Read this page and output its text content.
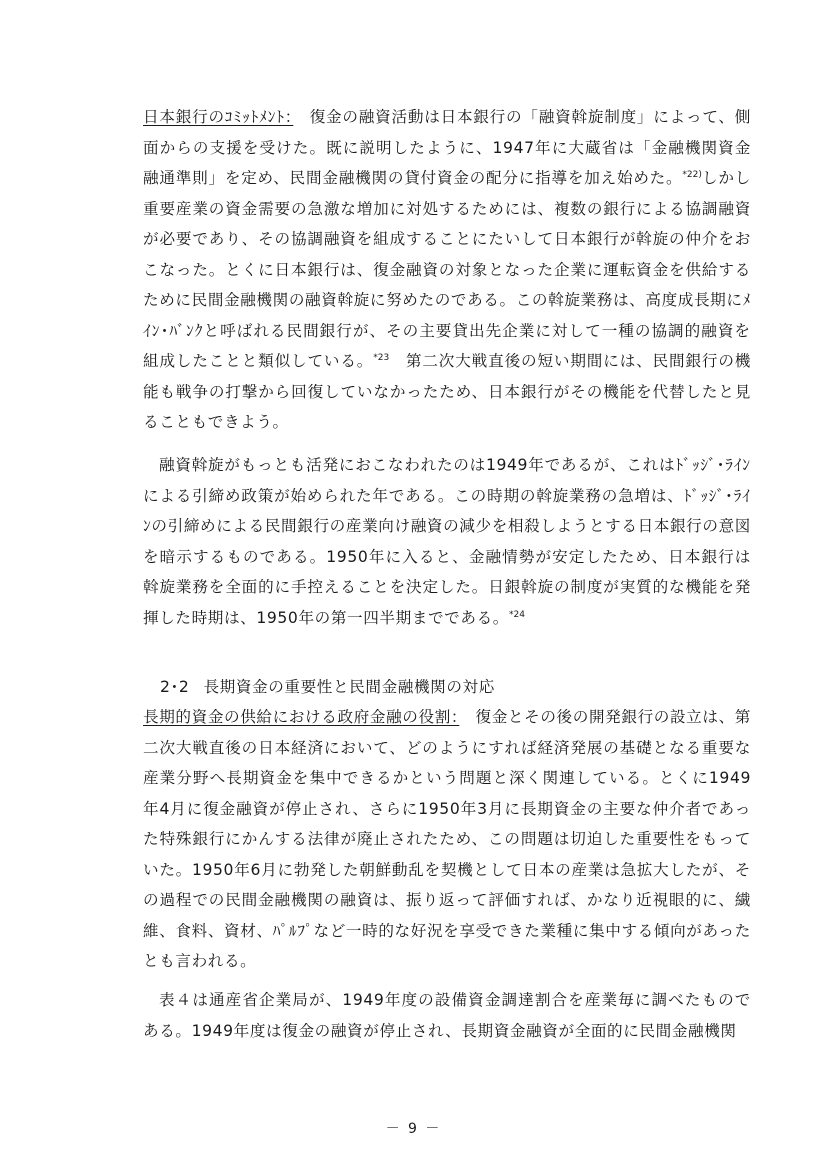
日本銀行のｺﾐｯﾄﾒﾝﾄ：　復金の融資活動は日本銀行の「融資斡旋制度」によって、側面からの支援を受けた。既に説明したように、1947年に大蔵省は「金融機関資金融通準則」を定め、民間金融機関の貸付資金の配分に指導を加え始めた。$^{*22)}$しかし重要産業の資金需要の急激な増加に対処するためには、複数の銀行による協調融資が必要であり、その協調融資を組成することにたいして日本銀行が斡旋の仲介をおこなった。とくに日本銀行は、復金融資の対象となった企業に運転資金を供給するために民間金融機関の融資斡旋に努めたのである。この斡旋業務は、高度成長期にﾒｲﾝ･ﾊﾞﾝｸと呼ばれる民間銀行が、その主要貸出先企業に対して一種の協調的融資を組成したことと類似している。$^{*23}$　第二次大戦直後の短い期間には、民間銀行の機能も戦争の打撃から回復していなかったため、日本銀行がその機能を代替したと見ることもできよう。

融資斡旋がもっとも活発におこなわれたのは1949年であるが、これはﾄﾞｯｼﾞ･ﾗｲﾝによる引締め政策が始められた年である。この時期の斡旋業務の急増は、ﾄﾞｯｼﾞ･ﾗｲﾝの引締めによる民間銀行の産業向け融資の減少を相殺しようとする日本銀行の意図を暗示するものである。1950年に入ると、金融情勢が安定したため、日本銀行は斡旋業務を全面的に手控えることを決定した。日銀斡旋の制度が実質的な機能を発揮した時期は、1950年の第一四半期までである。$^{*24}$

2･2 長期資金の重要性と民間金融機関の対応

長期的資金の供給における政府金融の役割：　復金とその後の開発銀行の設立は、第二次大戦直後の日本経済において、どのようにすれば経済発展の基礎となる重要な産業分野へ長期資金を集中できるかという問題と深く関連している。とくに1949年4月に復金融資が停止され、さらに1950年3月に長期資金の主要な仲介者であった特殊銀行にかんする法律が廃止されたため、この問題は切迫した重要性をもっていた。1950年6月に勃発した朝鮮動乱を契機として日本の産業は急拡大したが、その過程での民間金融機関の融資は、振り返って評価すれば、かなり近視眼的に、繊維、食料、資材、ﾊﾟﾙﾌﾟなど一時的な好況を享受できた業種に集中する傾向があったとも言われる。

表４は通産省企業局が、1949年度の設備資金調達割合を産業毎に調べたものである。1949年度は復金の融資が停止され、長期資金融資が全面的に民間金融機関

－ 9 －
